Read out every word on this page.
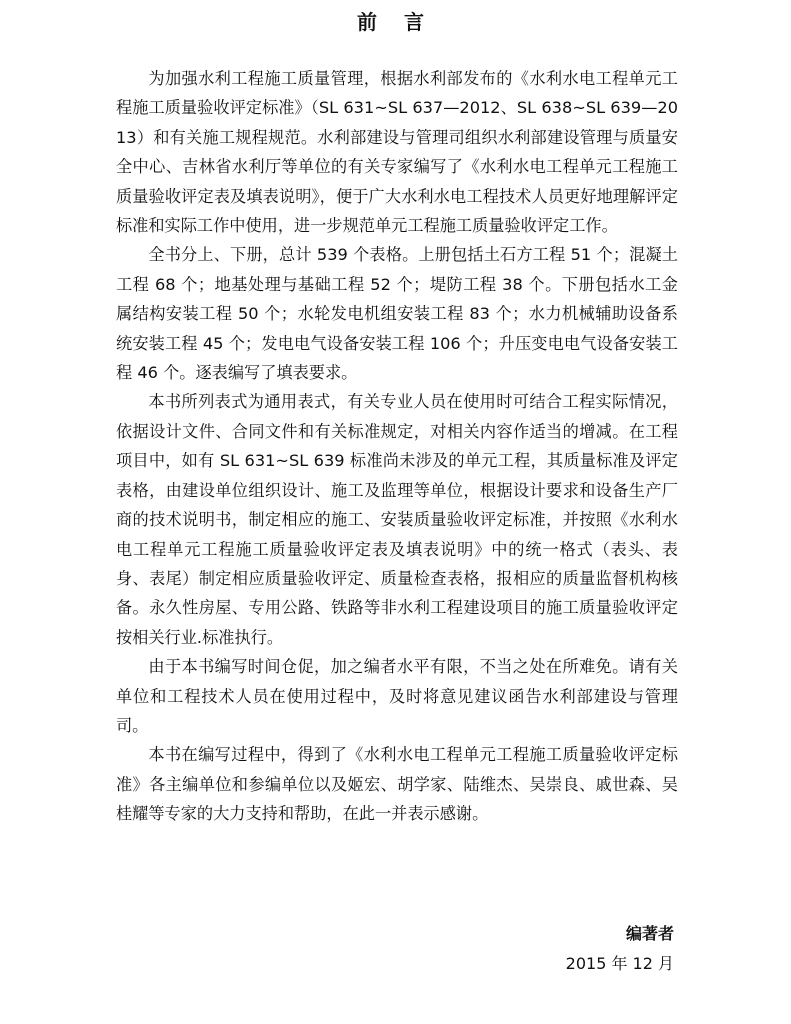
前 言

为加强水利工程施工质量管理，根据水利部发布的《水利水电工程单元工程施工质量验收评定标准》（SL 631~SL 637—2012、SL 638~SL 639—2013）和有关施工规程规范。水利部建设与管理司组织水利部建设管理与质量安全中心、吉林省水利厅等单位的有关专家编写了《水利水电工程单元工程施工质量验收评定表及填表说明》，便于广大水利水电工程技术人员更好地理解评定标准和实际工作中使用，进一步规范单元工程施工质量验收评定工作。

全书分上、下册，总计 539 个表格。上册包括土石方工程 51 个；混凝土工程 68 个；地基处理与基础工程 52 个；堤防工程 38 个。下册包括水工金属结构安装工程 50 个；水轮发电机组安装工程 83 个；水力机械辅助设备系统安装工程 45 个；发电电气设备安装工程 106 个；升压变电电气设备安装工程 46 个。逐表编写了填表要求。

本书所列表式为通用表式，有关专业人员在使用时可结合工程实际情况，依据设计文件、合同文件和有关标准规定，对相关内容作适当的增减。在工程项目中，如有 SL 631~SL 639 标准尚未涉及的单元工程，其质量标准及评定表格，由建设单位组织设计、施工及监理等单位，根据设计要求和设备生产厂商的技术说明书，制定相应的施工、安装质量验收评定标准，并按照《水利水电工程单元工程施工质量验收评定表及填表说明》中的统一格式（表头、表身、表尾）制定相应质量验收评定、质量检查表格，报相应的质量监督机构核备。永久性房屋、专用公路、铁路等非水利工程建设项目的施工质量验收评定按相关行业.标准执行。

由于本书编写时间仓促，加之编者水平有限，不当之处在所难免。请有关单位和工程技术人员在使用过程中，及时将意见建议函告水利部建设与管理司。

本书在编写过程中，得到了《水利水电工程单元工程施工质量验收评定标准》各主编单位和参编单位以及姬宏、胡学家、陆维杰、吴崇良、戚世森、吴桂耀等专家的大力支持和帮助，在此一并表示感谢。

编著者
2015 年 12 月
